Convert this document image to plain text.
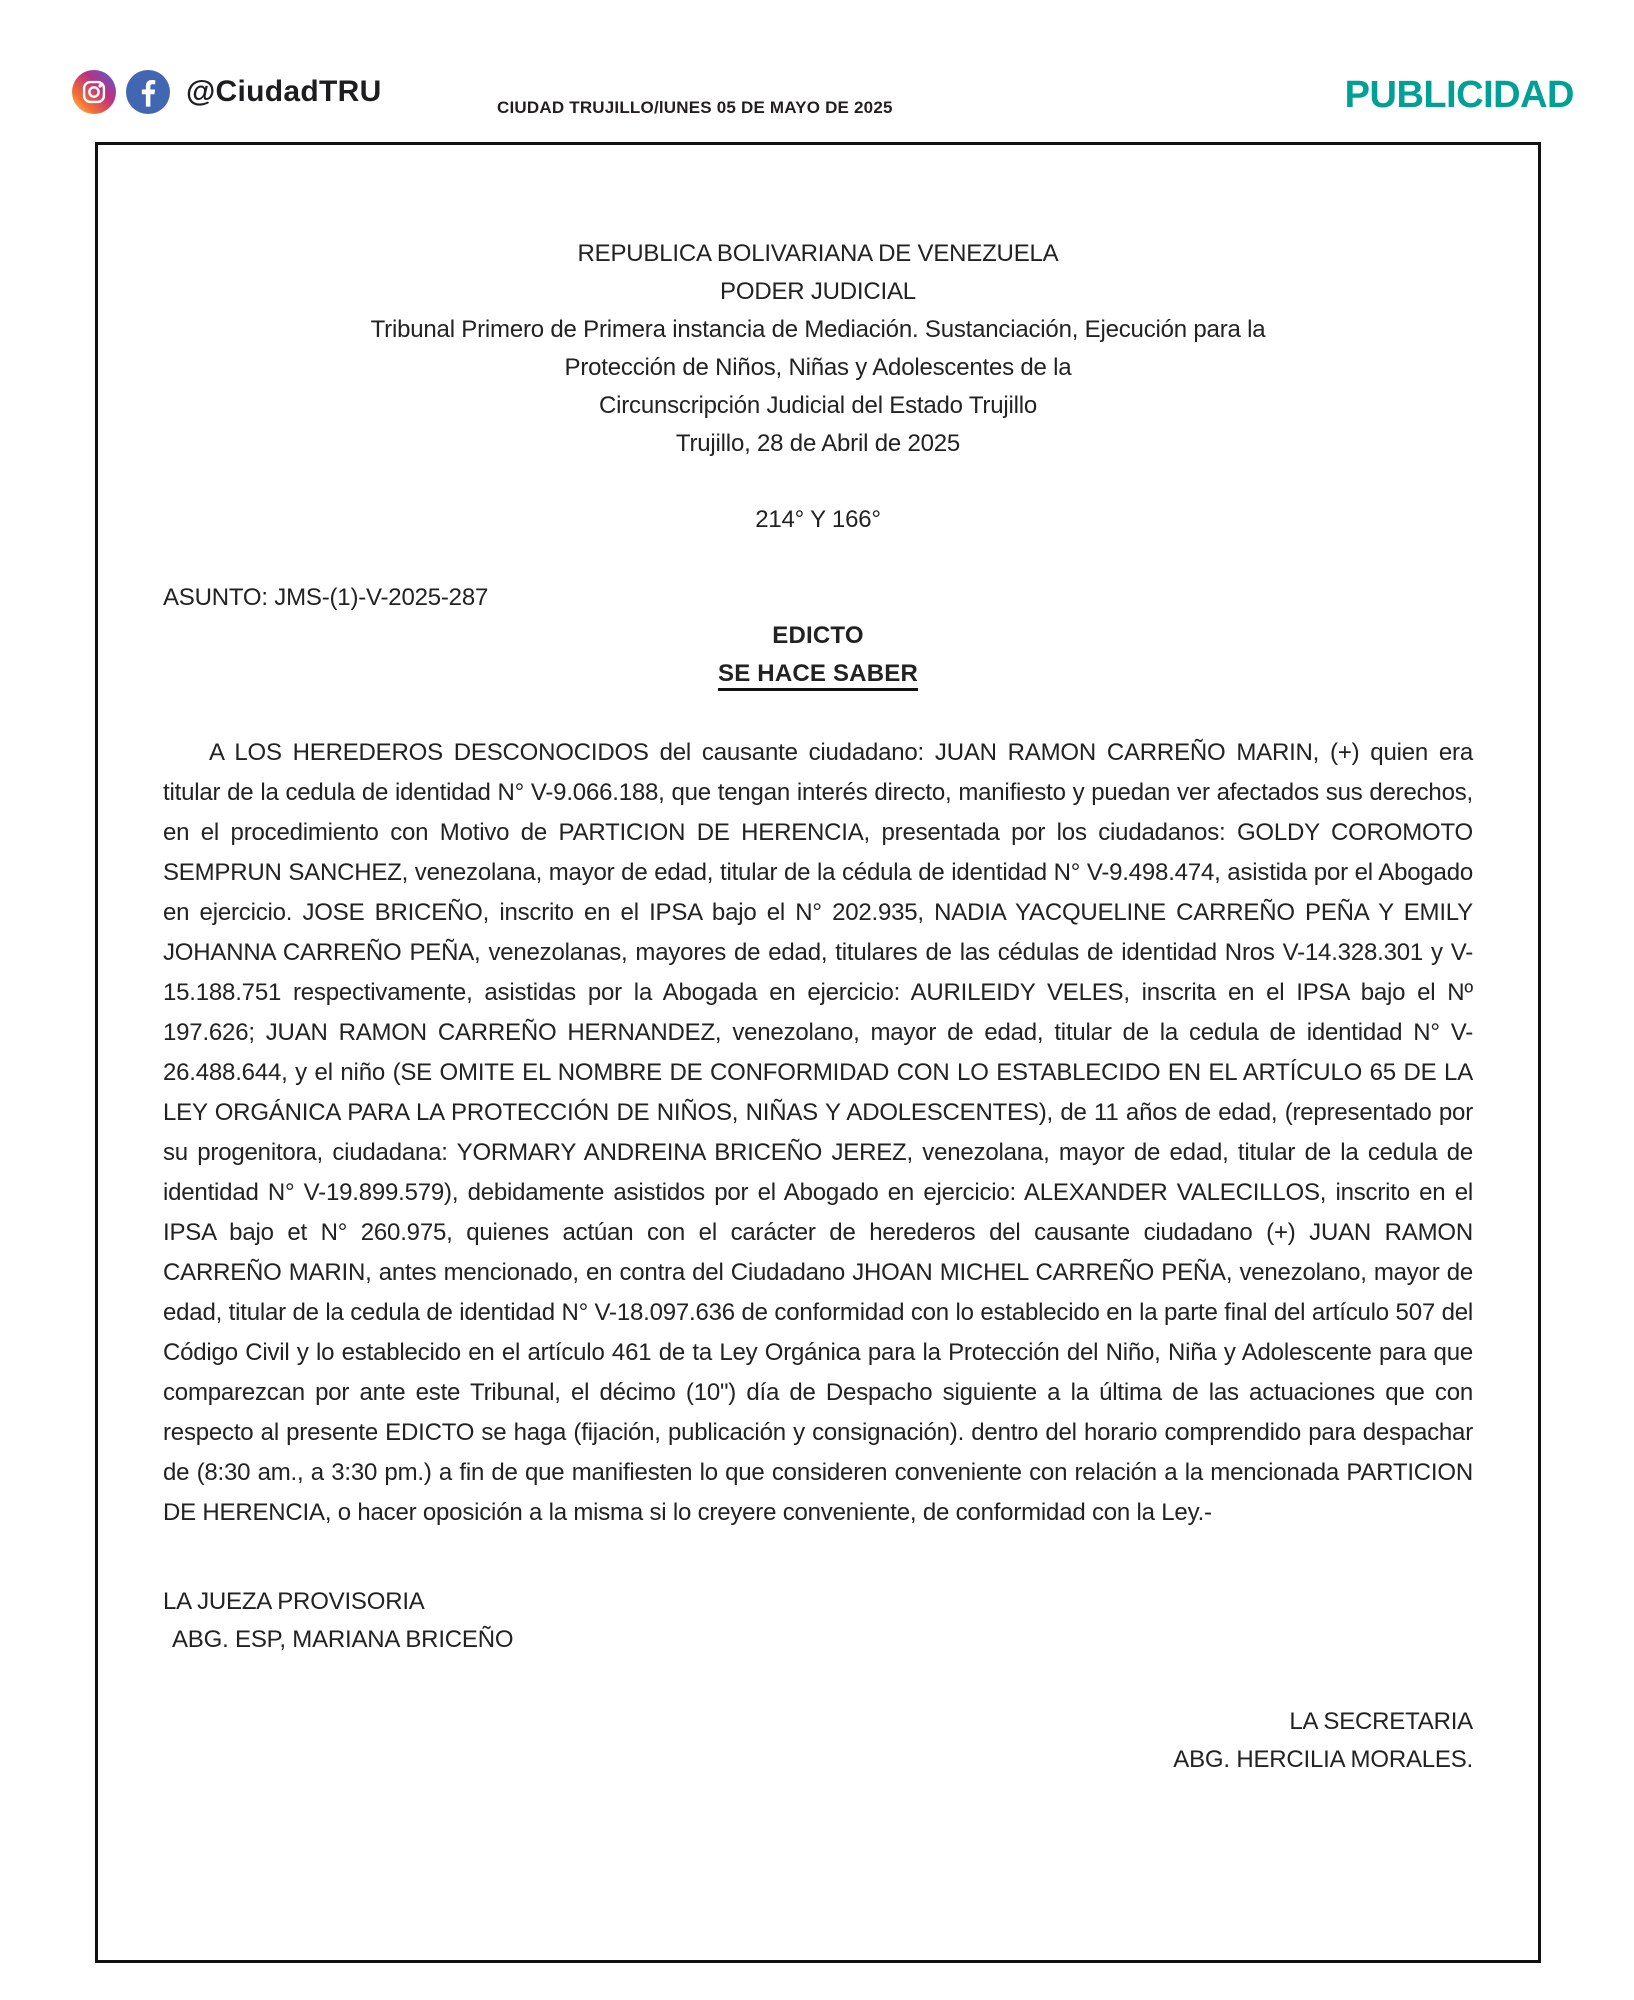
@CiudadTRU	CIUDAD TRUJILLO/lUNES 05 DE MAYO DE 2025	PUBLICIDAD
REPUBLICA BOLIVARIANA DE VENEZUELA
PODER JUDICIAL
Tribunal Primero de Primera instancia de Mediación. Sustanciación, Ejecución para la
Protección de Niños, Niñas y Adolescentes de la
Circunscripción Judicial del Estado Trujillo
Trujillo, 28 de Abril de 2025
214° Y 166°
ASUNTO: JMS-(1)-V-2025-287
EDICTO
SE HACE SABER

A LOS HEREDEROS DESCONOCIDOS del causante ciudadano: JUAN RAMON CARREÑO MARIN, (+) quien era titular de la cedula de identidad N° V-9.066.188, que tengan interés directo, manifiesto y puedan ver afectados sus derechos, en el procedimiento con Motivo de PARTICION DE HERENCIA, presentada por los ciudadanos: GOLDY COROMOTO SEMPRUN SANCHEZ, venezolana, mayor de edad, titular de la cédula de identidad N° V-9.498.474, asistida por el Abogado en ejercicio. JOSE BRICEÑO, inscrito en el IPSA bajo el N° 202.935, NADIA YACQUELINE CARREÑO PEÑA Y EMILY JOHANNA CARREÑO PEÑA, venezolanas, mayores de edad, titulares de las cédulas de identidad Nros V-14.328.301 y V-15.188.751 respectivamente, asistidas por la Abogada en ejercicio: AURILEIDY VELES, inscrita en el IPSA bajo el Nº 197.626; JUAN RAMON CARREÑO HERNANDEZ, venezolano, mayor de edad, titular de la cedula de identidad N° V-26.488.644, y el niño (SE OMITE EL NOMBRE DE CONFORMIDAD CON LO ESTABLECIDO EN EL ARTÍCULO 65 DE LA LEY ORGÁNICA PARA LA PROTECCIÓN DE NIÑOS, NIÑAS Y ADOLESCENTES), de 11 años de edad, (representado por su progenitora, ciudadana: YORMARY ANDREINA BRICEÑO JEREZ, venezolana, mayor de edad, titular de la cedula de identidad N° V-19.899.579), debidamente asistidos por el Abogado en ejercicio: ALEXANDER VALECILLOS, inscrito en el IPSA bajo et N° 260.975, quienes actúan con el carácter de herederos del causante ciudadano (+) JUAN RAMON CARREÑO MARIN, antes mencionado, en contra del Ciudadano JHOAN MICHEL CARREÑO PEÑA, venezolano, mayor de edad, titular de la cedula de identidad N° V-18.097.636 de conformidad con lo establecido en la parte final del artículo 507 del Código Civil y lo establecido en el artículo 461 de ta Ley Orgánica para la Protección del Niño, Niña y Adolescente para que comparezcan por ante este Tribunal, el décimo (10") día de Despacho siguiente a la última de las actuaciones que con respecto al presente EDICTO se haga (fijación, publicación y consignación). dentro del horario comprendido para despachar de (8:30 am., a 3:30 pm.) a fin de que manifiesten lo que consideren conveniente con relación a la mencionada PARTICION DE HERENCIA, o hacer oposición a la misma si lo creyere conveniente, de conformidad con la Ley.-

LA JUEZA PROVISORIA
ABG. ESP, MARIANA BRICEÑO
LA SECRETARIA
ABG. HERCILIA MORALES.
